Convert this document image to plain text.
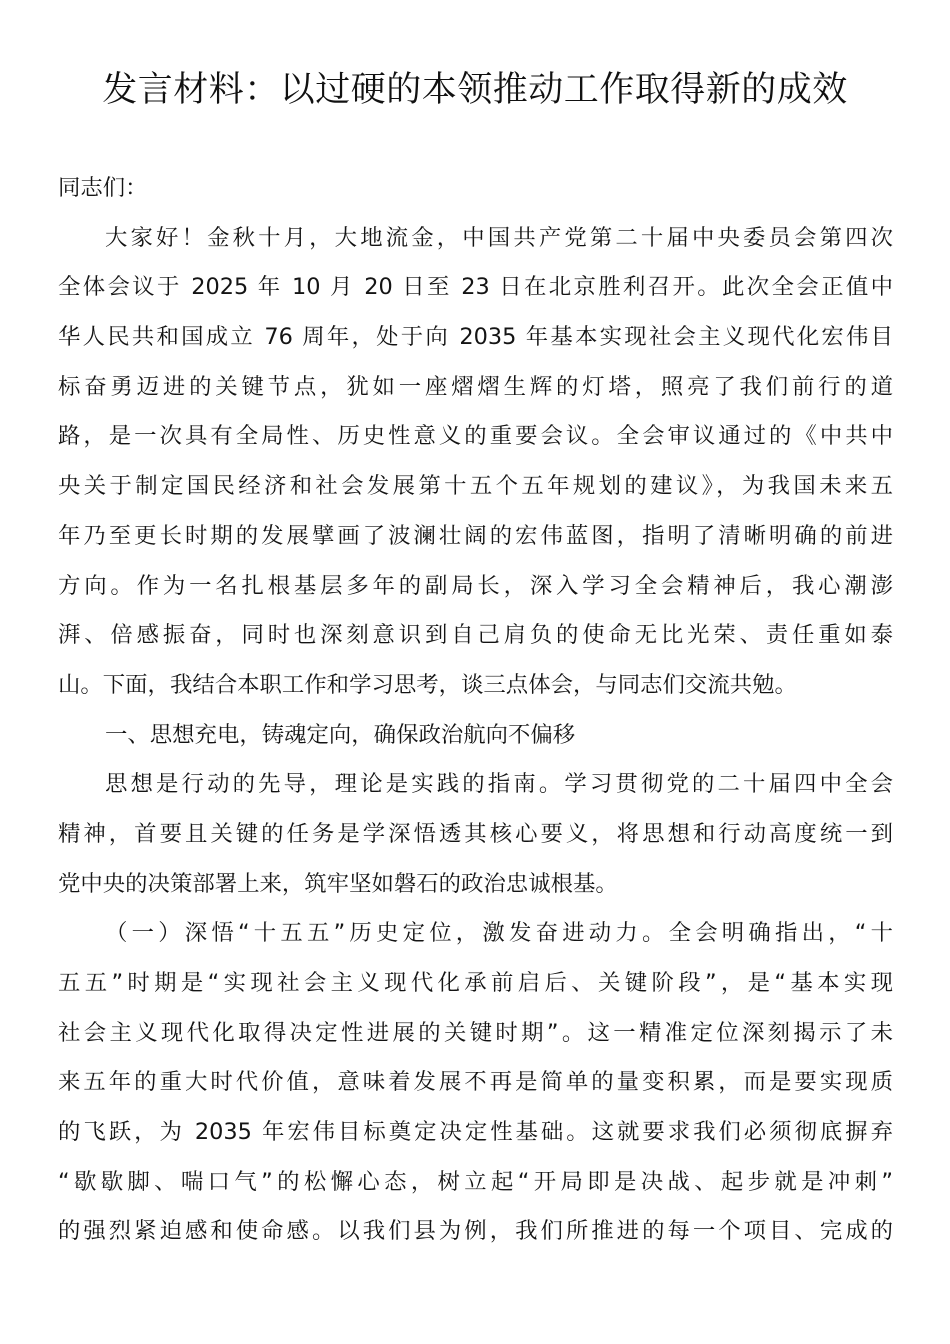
发言材料：以过硬的本领推动工作取得新的成效
同志们：
大家好！金秋十月，大地流金，中国共产党第二十届中央委员会第四次
全体会议于 2025 年 10 月 20 日至 23 日在北京胜利召开。此次全会正值中
华人民共和国成立 76 周年，处于向 2035 年基本实现社会主义现代化宏伟目
标奋勇迈进的关键节点，犹如一座熠熠生辉的灯塔，照亮了我们前行的道
路，是一次具有全局性、历史性意义的重要会议。全会审议通过的《中共中
央关于制定国民经济和社会发展第十五个五年规划的建议》，为我国未来五
年乃至更长时期的发展擘画了波澜壮阔的宏伟蓝图，指明了清晰明确的前进
方向。作为一名扎根基层多年的副局长，深入学习全会精神后，我心潮澎
湃、倍感振奋，同时也深刻意识到自己肩负的使命无比光荣、责任重如泰
山。下面，我结合本职工作和学习思考，谈三点体会，与同志们交流共勉。
一、思想充电，铸魂定向，确保政治航向不偏移
思想是行动的先导，理论是实践的指南。学习贯彻党的二十届四中全会
精神，首要且关键的任务是学深悟透其核心要义，将思想和行动高度统一到
党中央的决策部署上来，筑牢坚如磐石的政治忠诚根基。
（一）深悟“十五五”历史定位，激发奋进动力。全会明确指出，“十
五五”时期是“实现社会主义现代化承前启后、关键阶段”，是“基本实现
社会主义现代化取得决定性进展的关键时期”。这一精准定位深刻揭示了未
来五年的重大时代价值，意味着发展不再是简单的量变积累，而是要实现质
的飞跃，为 2035 年宏伟目标奠定决定性基础。这就要求我们必须彻底摒弃
“歇歇脚、喘口气”的松懈心态，树立起“开局即是决战、起步就是冲刺”
的强烈紧迫感和使命感。以我们县为例，我们所推进的每一个项目、完成的
